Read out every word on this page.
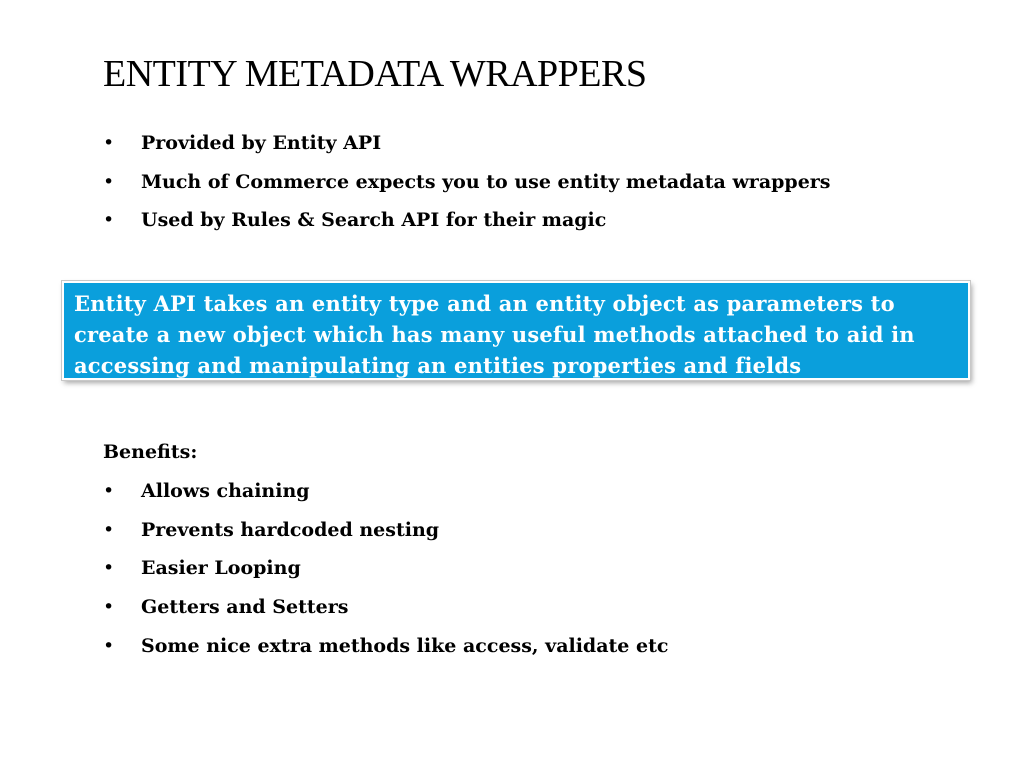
ENTITY METADATA WRAPPERS
• Provided by Entity API
• Much of Commerce expects you to use entity metadata wrappers
• Used by Rules & Search API for their magic

Entity API takes an entity type and an entity object as parameters to create a new object which has many useful methods attached to aid in accessing and manipulating an entities properties and fields

Benefits:

• Allows chaining
• Prevents hardcoded nesting
• Easier Looping
• Getters and Setters
• Some nice extra methods like access, validate etc
